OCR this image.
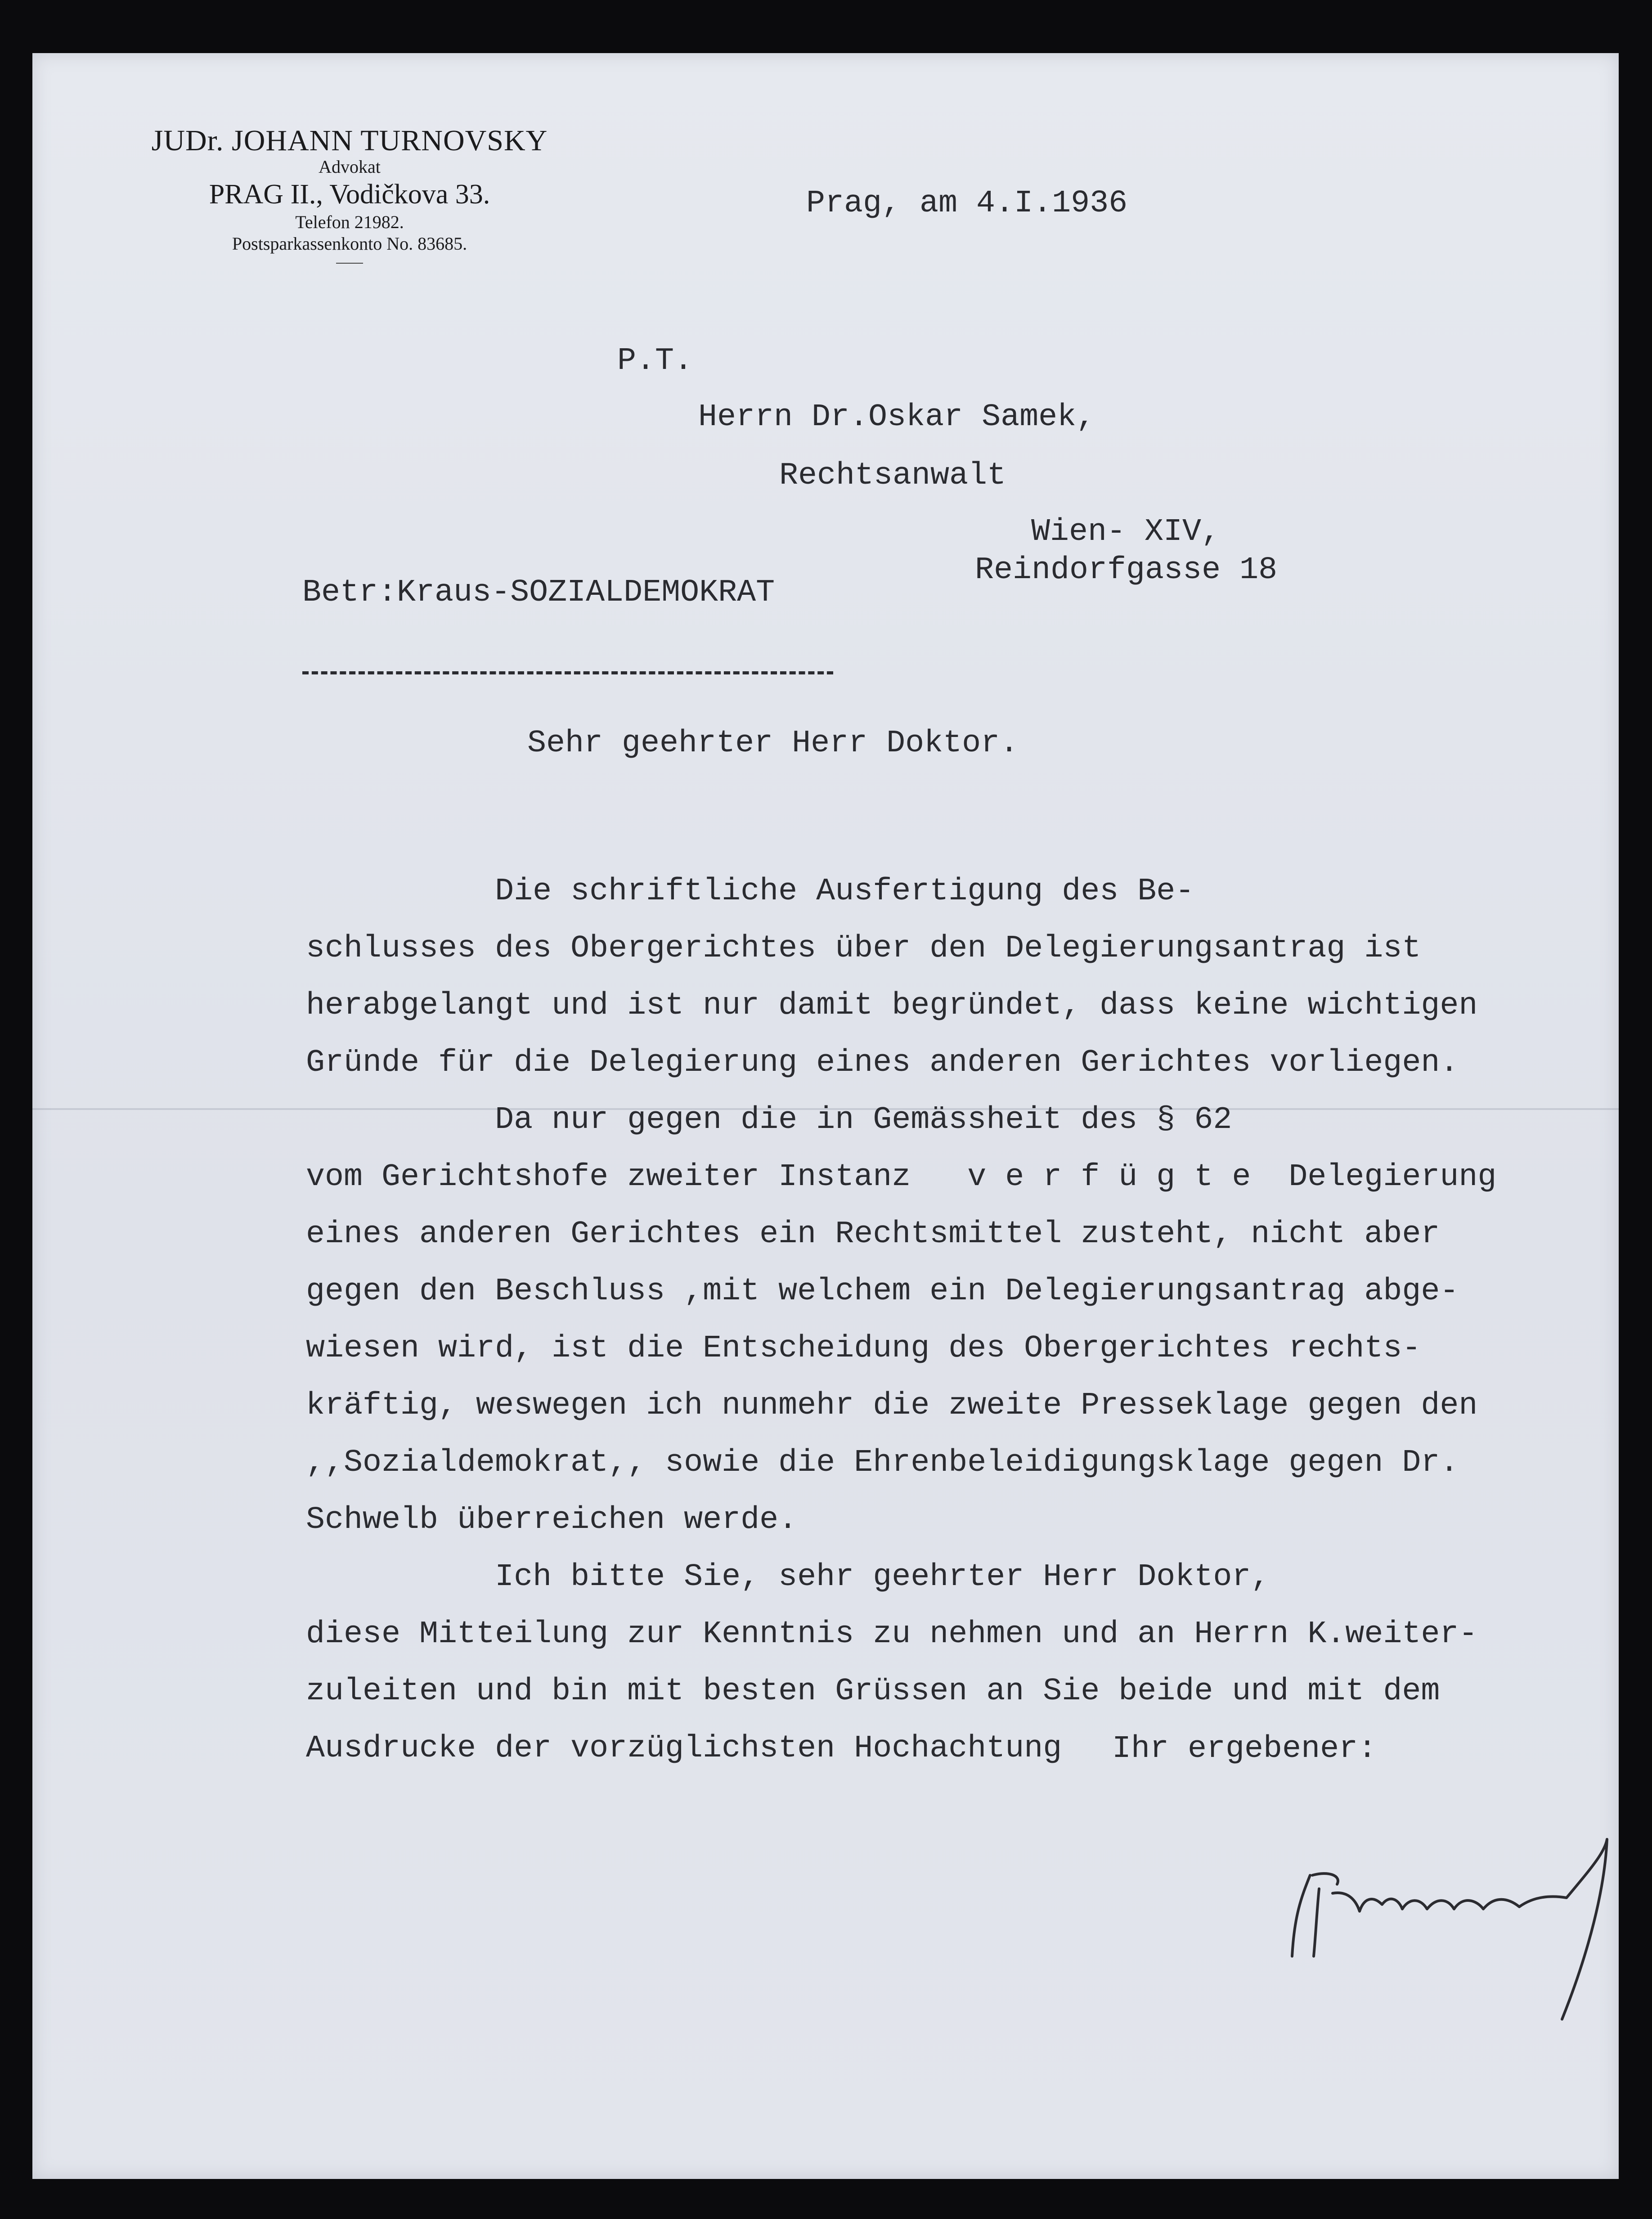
JUDr. JOHANN TURNOVSKY
Advokat
PRAG II., Vodičkova 33.
Telefon 21982.
Postsparkassenkonto No. 83685.
Prag, am 4.I.1936
P.T.
Herrn Dr.Oskar Samek,
Rechtsanwalt
Wien- XIV,
Reindorfgasse 18
Betr:Kraus-SOZIALDEMOKRAT
Sehr geehrter Herr Doktor.

Die schriftliche Ausfertigung des Be-

schlusses des Obergerichtes über den Delegierungsantrag ist

herabgelangt und ist nur damit begründet, dass keine wichtigen

Gründe für die Delegierung eines anderen Gerichtes vorliegen.

Da nur gegen die in Gemässheit des § 62

vom Gerichtshofe zweiter Instanz   v e r f ü g t e  Delegierung

eines anderen Gerichtes ein Rechtsmittel zusteht, nicht aber

gegen den Beschluss ,mit welchem ein Delegierungsantrag abge-

wiesen wird, ist die Entscheidung des Obergerichtes rechts-

kräftig, weswegen ich nunmehr die zweite Presseklage gegen den

,,Sozialdemokrat,, sowie die Ehrenbeleidigungsklage gegen Dr.

Schwelb überreichen werde.

Ich bitte Sie, sehr geehrter Herr Doktor,

diese Mitteilung zur Kenntnis zu nehmen und an Herrn K.weiter-

zuleiten und bin mit besten Grüssen an Sie beide und mit dem

Ausdrucke der vorzüglichsten Hochachtung	Ihr ergebener:
